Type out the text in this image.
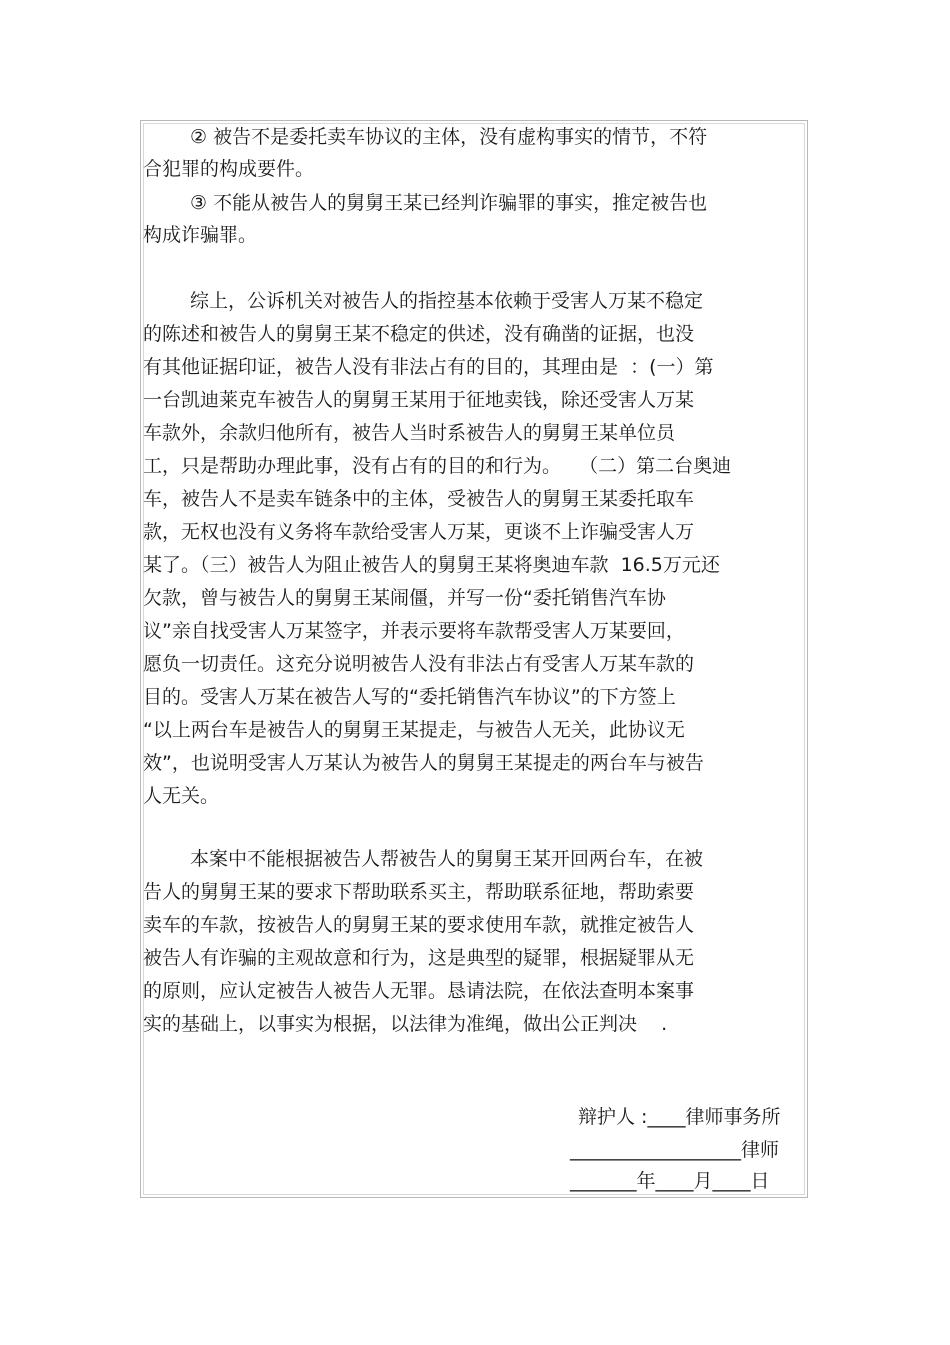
② 被告不是委托卖车协议的主体，没有虚构事实的情节，不符
合犯罪的构成要件。
③ 不能从被告人的舅舅王某已经判诈骗罪的事实，推定被告也
构成诈骗罪。
综上，公诉机关对被告人的指控基本依赖于受害人万某不稳定
的陈述和被告人的舅舅王某不稳定的供述，没有确凿的证据，也没
有其他证据印证，被告人没有非法占有的目的，其理由是  ：(一）第
一台凯迪莱克车被告人的舅舅王某用于征地卖钱，除还受害人万某
车款外，余款归他所有，被告人当时系被告人的舅舅王某单位员
工，只是帮助办理此事，没有占有的目的和行为。   （二）第二台奥迪
车，被告人不是卖车链条中的主体，受被告人的舅舅王某委托取车
款，无权也没有义务将车款给受害人万某，更谈不上诈骗受害人万
某了。（三）被告人为阻止被告人的舅舅王某将奥迪车款  16.5万元还
欠款，曾与被告人的舅舅王某闹僵，并写一份“委托销售汽车协
议”亲自找受害人万某签字，并表示要将车款帮受害人万某要回，
愿负一切责任。这充分说明被告人没有非法占有受害人万某车款的
目的。受害人万某在被告人写的“委托销售汽车协议”的下方签上
“以上两台车是被告人的舅舅王某提走，与被告人无关，此协议无
效”，也说明受害人万某认为被告人的舅舅王某提走的两台车与被告
人无关。
本案中不能根据被告人帮被告人的舅舅王某开回两台车，在被
告人的舅舅王某的要求下帮助联系买主，帮助联系征地，帮助索要
卖车的车款，按被告人的舅舅王某的要求使用车款，就推定被告人
被告人有诈骗的主观故意和行为，这是典型的疑罪，根据疑罪从无
的原则，应认定被告人被告人无罪。恳请法院，在依法查明本案事
实的基础上，以事实为根据，以法律为准绳，做出公正判决    .
辩护人 :____律师事务所
__________________律师
_______年____月____日
